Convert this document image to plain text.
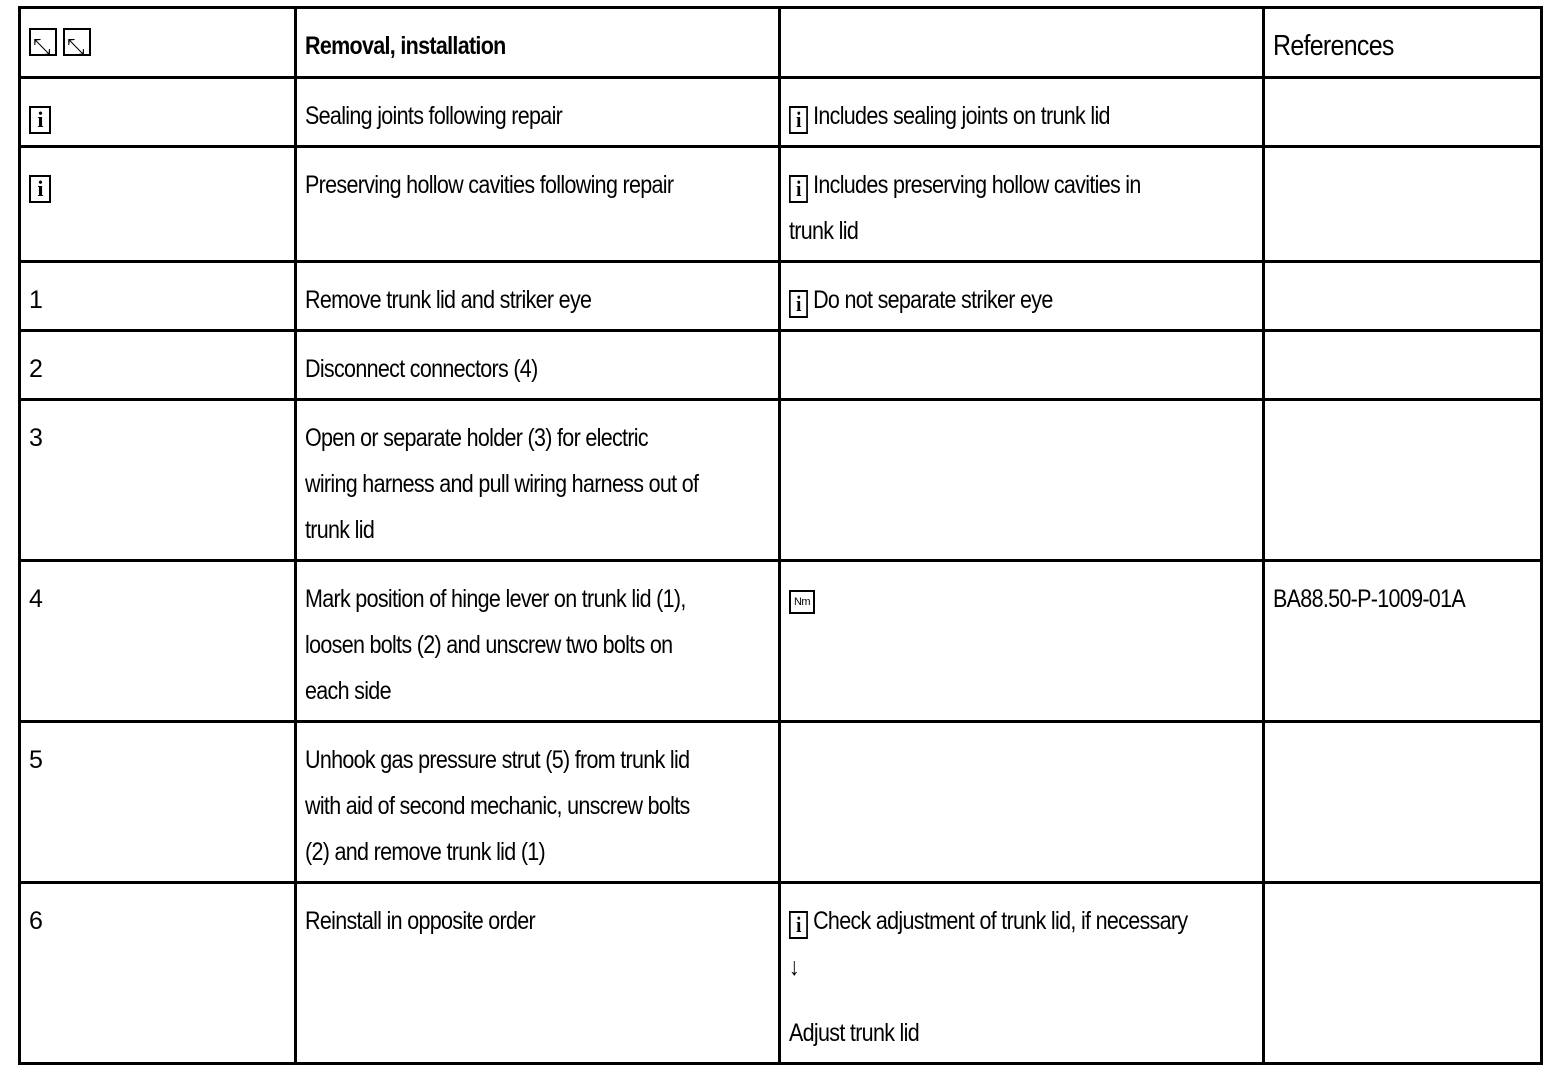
⤡⤡	Removal, installation		References
i	Sealing joints following repair	i Includes sealing joints on trunk lid	
i	Preserving hollow cavities following repair	i Includes preserving hollow cavities in trunk lid	
1	Remove trunk lid and striker eye	i Do not separate striker eye	
2	Disconnect connectors (4)		
3	Open or separate holder (3) for electric wiring harness and pull wiring harness out of trunk lid		
4	Mark position of hinge lever on trunk lid (1), loosen bolts (2) and unscrew two bolts on each side	Nm	BA88.50-P-1009-01A
5	Unhook gas pressure strut (5) from trunk lid with aid of second mechanic, unscrew bolts (2) and remove trunk lid (1)		
6	Reinstall in opposite order	i Check adjustment of trunk lid, if necessary ↓
Adjust trunk lid	
